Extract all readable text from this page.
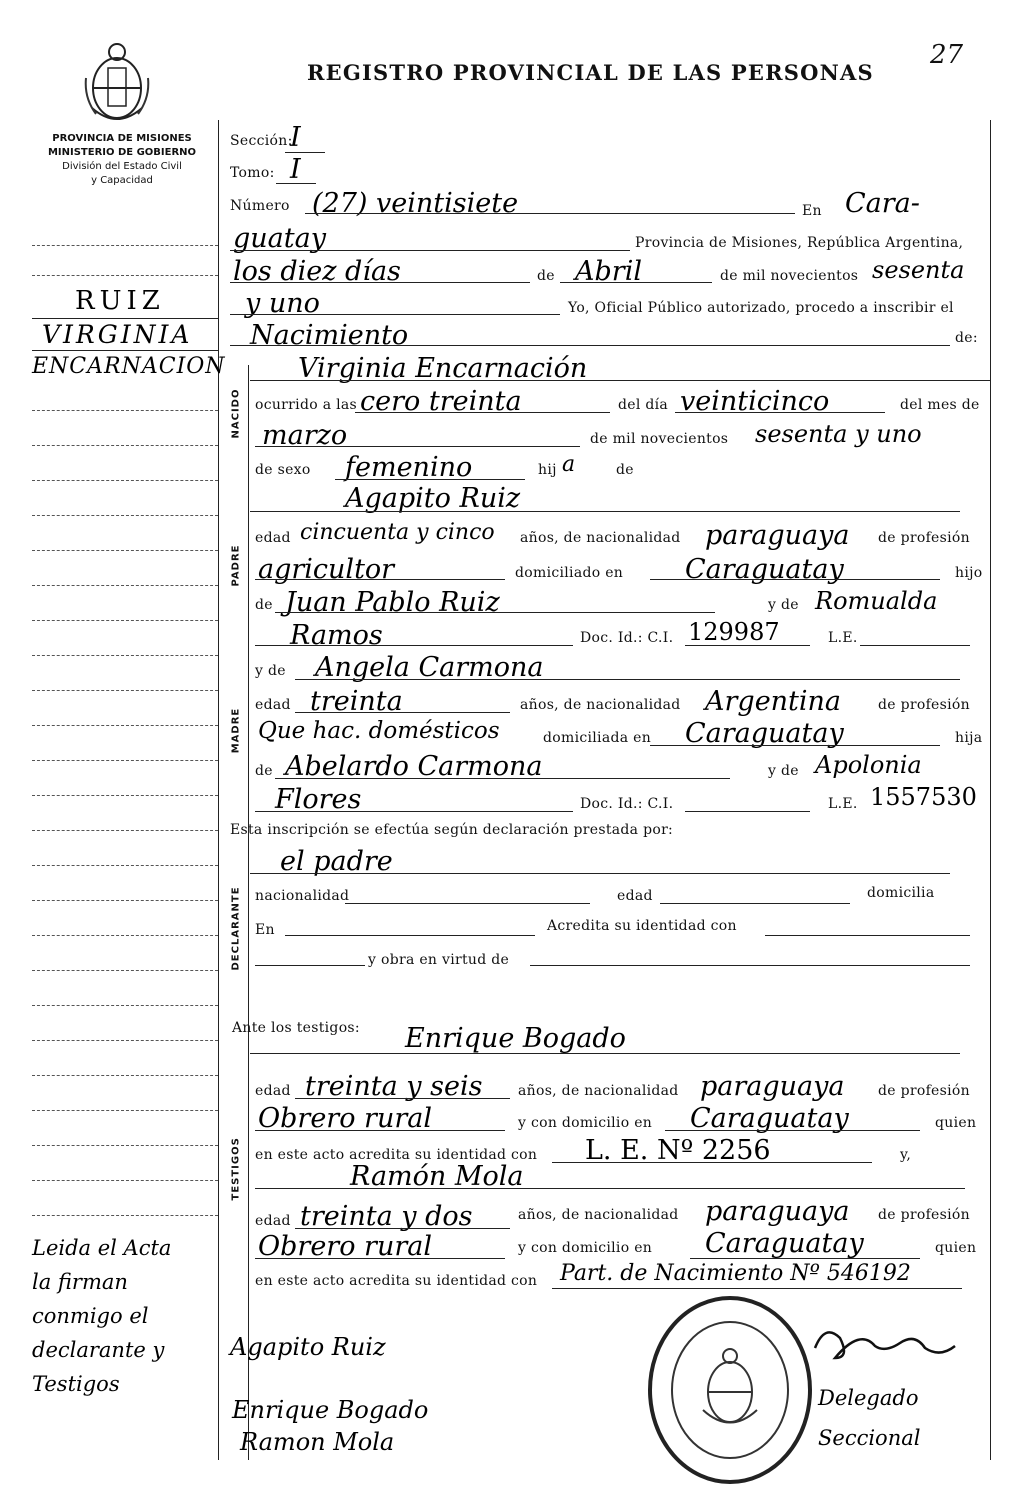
REGISTRO PROVINCIAL DE LAS PERSONAS
27
PROVINCIA DE MISIONES
MINISTERIO DE GOBIERNO
División del Estado Civil
y Capacidad
RUIZ
VIRGINIA
ENCARNACION
Leida el Acta
la firman
conmigo el
declarante y
Testigos
Sección:
I
Tomo: I
Número (27) veintisiete	En Cara-
guatay	Provincia de Misiones, República Argentina,
los diez días	de Abril	de mil novecientos sesenta
y uno	Yo, Oficial Público autorizado, procedo a inscribir el
Nacimiento	de:
Virginia Encarnación
NACIDO ocurrido a las cero treinta	del día veinticinco	del mes de
marzo	de mil novecientos sesenta y uno
de sexo femenino	hij a	de
Agapito Ruiz
PADRE
edad cincuenta y cinco años, de nacionalidad paraguaya de profesión
agricultor	domiciliado en Caraguatay	hijo
de Juan Pablo Ruiz	y de Romualda
Ramos	Doc. Id.: C.I. 129987	L.E.
MADRE
y de Angela Carmona
edad treinta	años, de nacionalidad Argentina	de profesión
Que hac. domésticos	domiciliada en Caraguatay	hija
de Abelardo Carmona	y de Apolonia
Flores	Doc. Id.: C.I.	L.E. 1557530
Esta inscripción se efectúa según declaración prestada por:
el padre
DECLARANTE nacionalidad	edad	domicilia
En	Acredita su identidad con
y obra en virtud de
Ante los testigos: Enrique Bogado
TESTIGOS
edad treinta y seis	años, de nacionalidad paraguaya de profesión
Obrero rural	y con domicilio en Caraguatay	quien
en este acto acredita su identidad con L. E. Nº 2256	y,
Ramón Mola
edad treinta y dos	años, de nacionalidad paraguaya de profesión
Obrero rural	y con domicilio en Caraguatay	quien
en este acto acredita su identidad con Part. de Nacimiento Nº 546192
Agapito Ruiz
Enrique Bogado
Ramon Mola
Delegado
Seccional
